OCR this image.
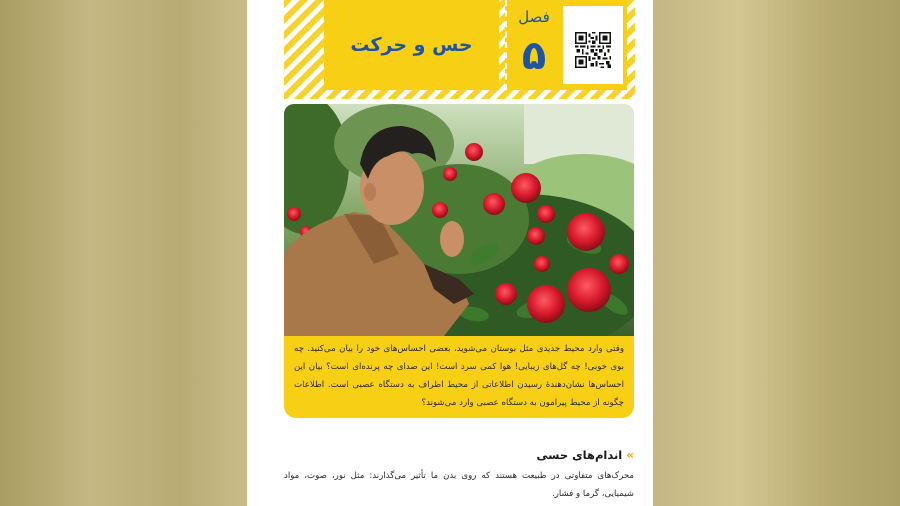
حس و حرکت
فصل
۵

وقتی وارد محیط جدیدی مثل بوستان می‌شوید، بعضی احساس‌های خود را بیان می‌کنید. چه بوی خوبی! چه گل‌های زیبایی! هوا کمی سرد است! این صدای چه پرنده‌ای است؟ بیان این احساس‌ها نشان‌دهندهٔ رسیدن اطلاعاتی از محیط اطراف به دستگاه عصبی است. اطلاعات چگونه از محیط پیرامون به دستگاه عصبی وارد می‌شوند؟

»اندام‌های حسی

محرک‌های متفاوتی در طبیعت هستند که روی بدن ما تأثیر می‌گذارند: مثل نور، صوت، مواد شیمیایی، گرما و فشار.
